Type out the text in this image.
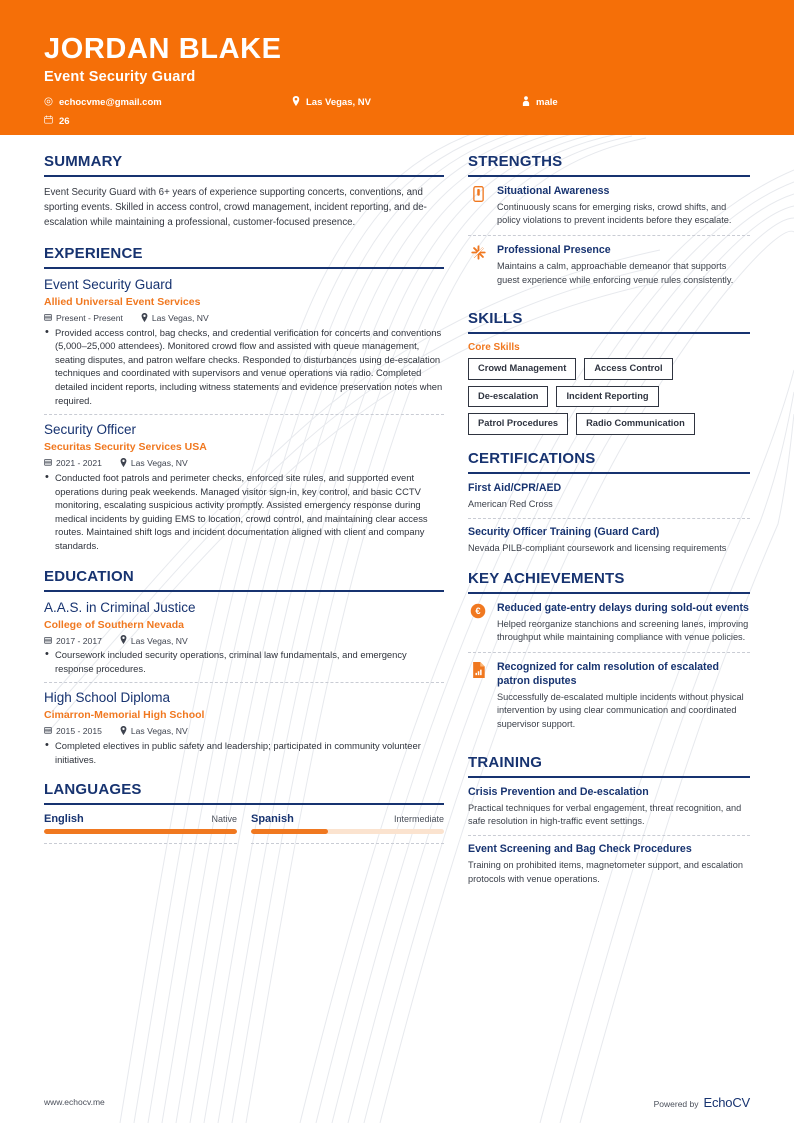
JORDAN BLAKE
Event Security Guard
echocvme@gmail.com	Las Vegas, NV	male
26
SUMMARY
Event Security Guard with 6+ years of experience supporting concerts, conventions, and sporting events. Skilled in access control, crowd management, incident reporting, and de-escalation while maintaining a professional, customer-focused presence.
EXPERIENCE
Event Security Guard
Allied Universal Event Services
Present - Present	Las Vegas, NV
• Provided access control, bag checks, and credential verification for concerts and conventions (5,000–25,000 attendees). Monitored crowd flow and assisted with queue management, seating disputes, and patron welfare checks. Responded to disturbances using de-escalation techniques and coordinated with supervisors and venue operations via radio. Completed detailed incident reports, including witness statements and evidence preservation notes when required.
Security Officer
Securitas Security Services USA
2021 - 2021	Las Vegas, NV
• Conducted foot patrols and perimeter checks, enforced site rules, and supported event operations during peak weekends. Managed visitor sign-in, key control, and basic CCTV monitoring, escalating suspicious activity promptly. Assisted emergency response during medical incidents by guiding EMS to location, crowd control, and maintaining clear access routes. Maintained shift logs and incident documentation aligned with client and company standards.
EDUCATION
A.A.S. in Criminal Justice
College of Southern Nevada
2017 - 2017	Las Vegas, NV
• Coursework included security operations, criminal law fundamentals, and emergency response procedures.
High School Diploma
Cimarron-Memorial High School
2015 - 2015	Las Vegas, NV
• Completed electives in public safety and leadership; participated in community volunteer initiatives.
LANGUAGES
English	Native Spanish	Intermediate
STRENGTHS
Situational Awareness
Continuously scans for emerging risks, crowd shifts, and policy violations to prevent incidents before they escalate.
Professional Presence
Maintains a calm, approachable demeanor that supports guest experience while enforcing venue rules consistently.
SKILLS
Core Skills
Crowd Management	Access Control
De-escalation	Incident Reporting
Patrol Procedures	Radio Communication
CERTIFICATIONS
First Aid/CPR/AED
American Red Cross
Security Officer Training (Guard Card)
Nevada PILB-compliant coursework and licensing requirements
KEY ACHIEVEMENTS
€ Reduced gate-entry delays during sold-out events
Helped reorganize stanchions and screening lanes, improving throughput while maintaining compliance with venue policies.
Recognized for calm resolution of escalated patron disputes
Successfully de-escalated multiple incidents without physical intervention by using clear communication and coordinated supervisor support.
TRAINING
Crisis Prevention and De-escalation
Practical techniques for verbal engagement, threat recognition, and safe resolution in high-traffic event settings.
Event Screening and Bag Check Procedures
Training on prohibited items, magnetometer support, and escalation protocols with venue operations.
www.echocv.me	Powered by EchoCV
